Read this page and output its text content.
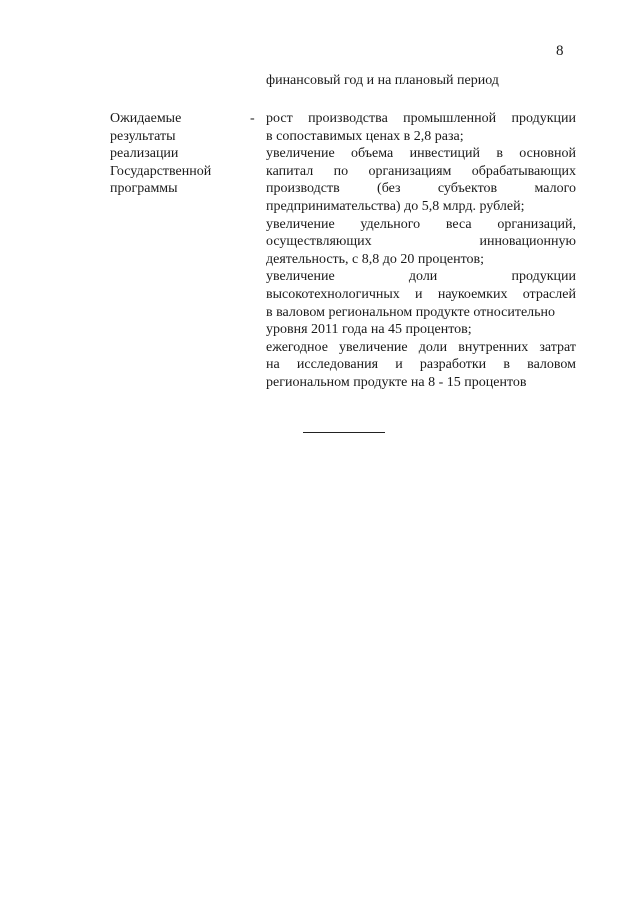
8
финансовый год и на плановый период
Ожидаемые
результаты
реализации
Государственной
программы
- рост производства промышленной продукции
в сопоставимых ценах в 2,8 раза;
увеличение объема инвестиций в основной
капитал по организациям обрабатывающих
производств	(без	субъектов	малого
предпринимательства) до 5,8 млрд. рублей;
увеличение удельного веса организаций,
осуществляющих	инновационную
деятельность, с 8,8 до 20 процентов;
увеличение	доли	продукции
высокотехнологичных и наукоемких отраслей
в валовом региональном продукте относительно
уровня 2011 года на 45 процентов;
ежегодное увеличение доли внутренних затрат
на исследования и разработки в валовом
региональном продукте на 8 - 15 процентов
